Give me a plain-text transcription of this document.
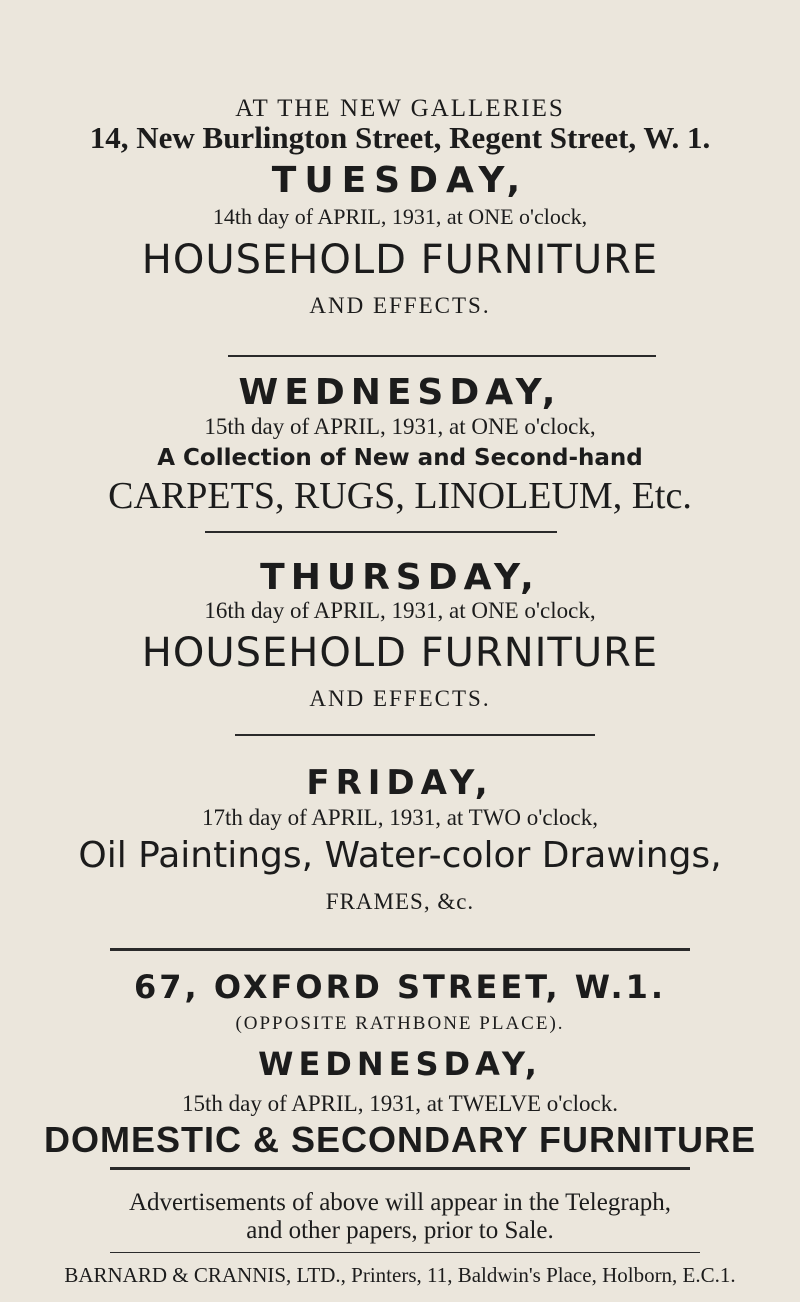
AT THE NEW GALLERIES

14, New Burlington Street, Regent Street, W. 1.

TUESDAY,

14th day of APRIL, 1931, at ONE o'clock,

HOUSEHOLD FURNITURE

AND EFFECTS.

WEDNESDAY,

15th day of APRIL, 1931, at ONE o'clock,

A Collection of New and Second-hand

CARPETS, RUGS, LINOLEUM, Etc.

THURSDAY,

16th day of APRIL, 1931, at ONE o'clock,

HOUSEHOLD FURNITURE

AND EFFECTS.

FRIDAY,

17th day of APRIL, 1931, at TWO o'clock,

Oil Paintings, Water-color Drawings,

FRAMES, &c.

67, OXFORD STREET, W.1.

(OPPOSITE RATHBONE PLACE).

WEDNESDAY,

15th day of APRIL, 1931, at TWELVE o'clock.

DOMESTIC & SECONDARY FURNITURE

Advertisements of above will appear in the Telegraph,

and other papers, prior to Sale.

BARNARD & CRANNIS, LTD., Printers, 11, Baldwin's Place, Holborn, E.C.1.
